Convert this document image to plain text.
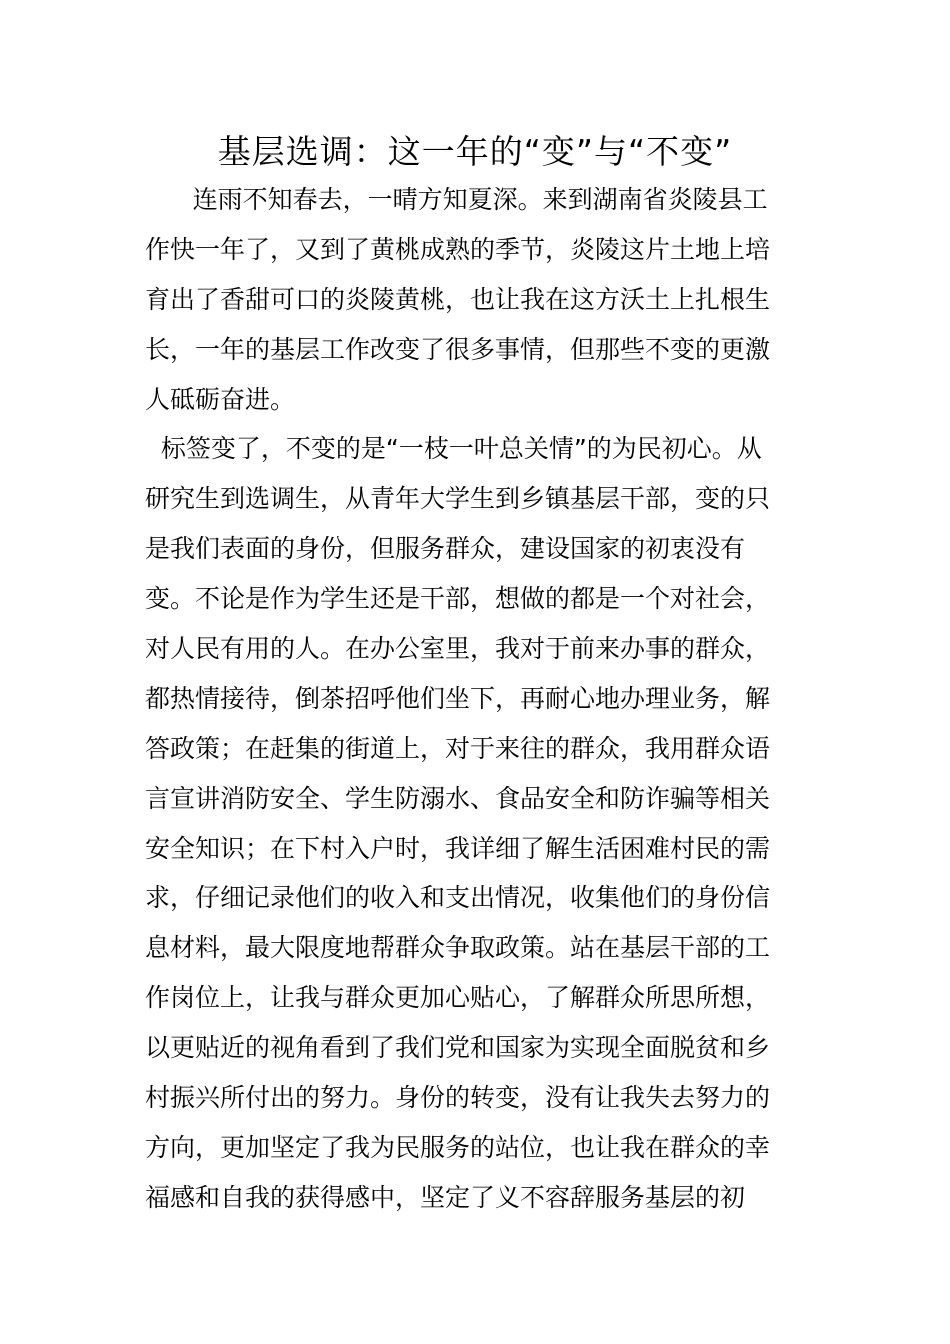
基层选调：这一年的“变”与“不变”
连雨不知春去，一晴方知夏深。来到湖南省炎陵县工
作快一年了，又到了黄桃成熟的季节，炎陵这片土地上培
育出了香甜可口的炎陵黄桃，也让我在这方沃土上扎根生
长，一年的基层工作改变了很多事情，但那些不变的更激
人砥砺奋进。
标签变了，不变的是“一枝一叶总关情”的为民初心。从
研究生到选调生，从青年大学生到乡镇基层干部，变的只
是我们表面的身份，但服务群众，建设国家的初衷没有
变。不论是作为学生还是干部，想做的都是一个对社会，
对人民有用的人。在办公室里，我对于前来办事的群众，
都热情接待，倒茶招呼他们坐下，再耐心地办理业务，解
答政策；在赶集的街道上，对于来往的群众，我用群众语
言宣讲消防安全、学生防溺水、食品安全和防诈骗等相关
安全知识；在下村入户时，我详细了解生活困难村民的需
求，仔细记录他们的收入和支出情况，收集他们的身份信
息材料，最大限度地帮群众争取政策。站在基层干部的工
作岗位上，让我与群众更加心贴心，了解群众所思所想，
以更贴近的视角看到了我们党和国家为实现全面脱贫和乡
村振兴所付出的努力。身份的转变，没有让我失去努力的
方向，更加坚定了我为民服务的站位，也让我在群众的幸
福感和自我的获得感中，坚定了义不容辞服务基层的初
